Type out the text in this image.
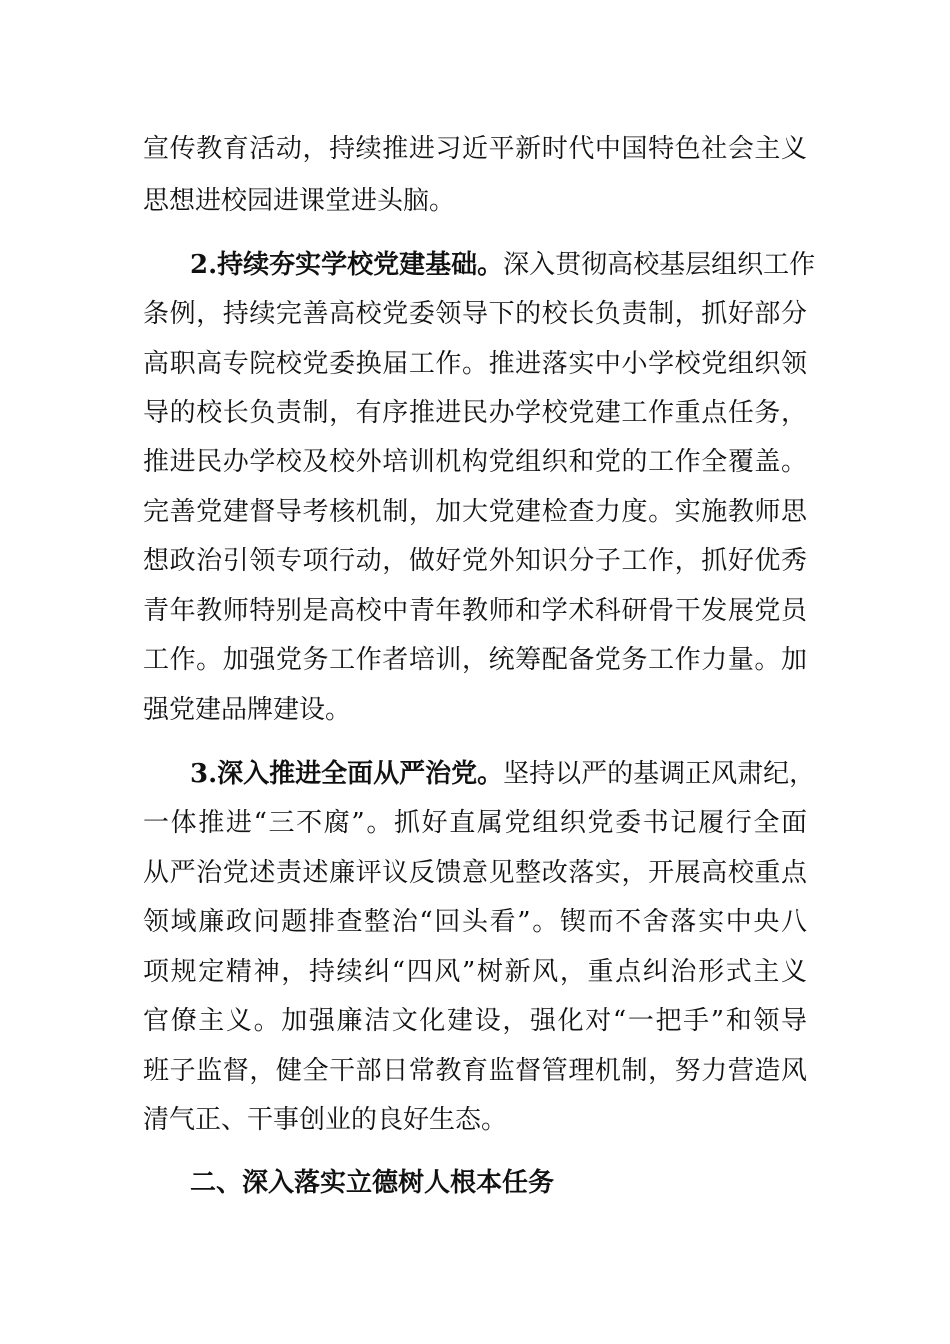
宣传教育活动，持续推进习近平新时代中国特色社会主义
思想进校园进课堂进头脑。
2.持续夯实学校党建基础。深入贯彻高校基层组织工作
条例，持续完善高校党委领导下的校长负责制，抓好部分
高职高专院校党委换届工作。推进落实中小学校党组织领
导的校长负责制，有序推进民办学校党建工作重点任务，
推进民办学校及校外培训机构党组织和党的工作全覆盖。
完善党建督导考核机制，加大党建检查力度。实施教师思
想政治引领专项行动，做好党外知识分子工作，抓好优秀
青年教师特别是高校中青年教师和学术科研骨干发展党员
工作。加强党务工作者培训，统筹配备党务工作力量。加
强党建品牌建设。
3.深入推进全面从严治党。坚持以严的基调正风肃纪，
一体推进“三不腐”。抓好直属党组织党委书记履行全面
从严治党述责述廉评议反馈意见整改落实，开展高校重点
领域廉政问题排查整治“回头看”。锲而不舍落实中央八
项规定精神，持续纠“四风”树新风，重点纠治形式主义
官僚主义。加强廉洁文化建设，强化对“一把手”和领导
班子监督，健全干部日常教育监督管理机制，努力营造风
清气正、干事创业的良好生态。
二、深入落实立德树人根本任务
